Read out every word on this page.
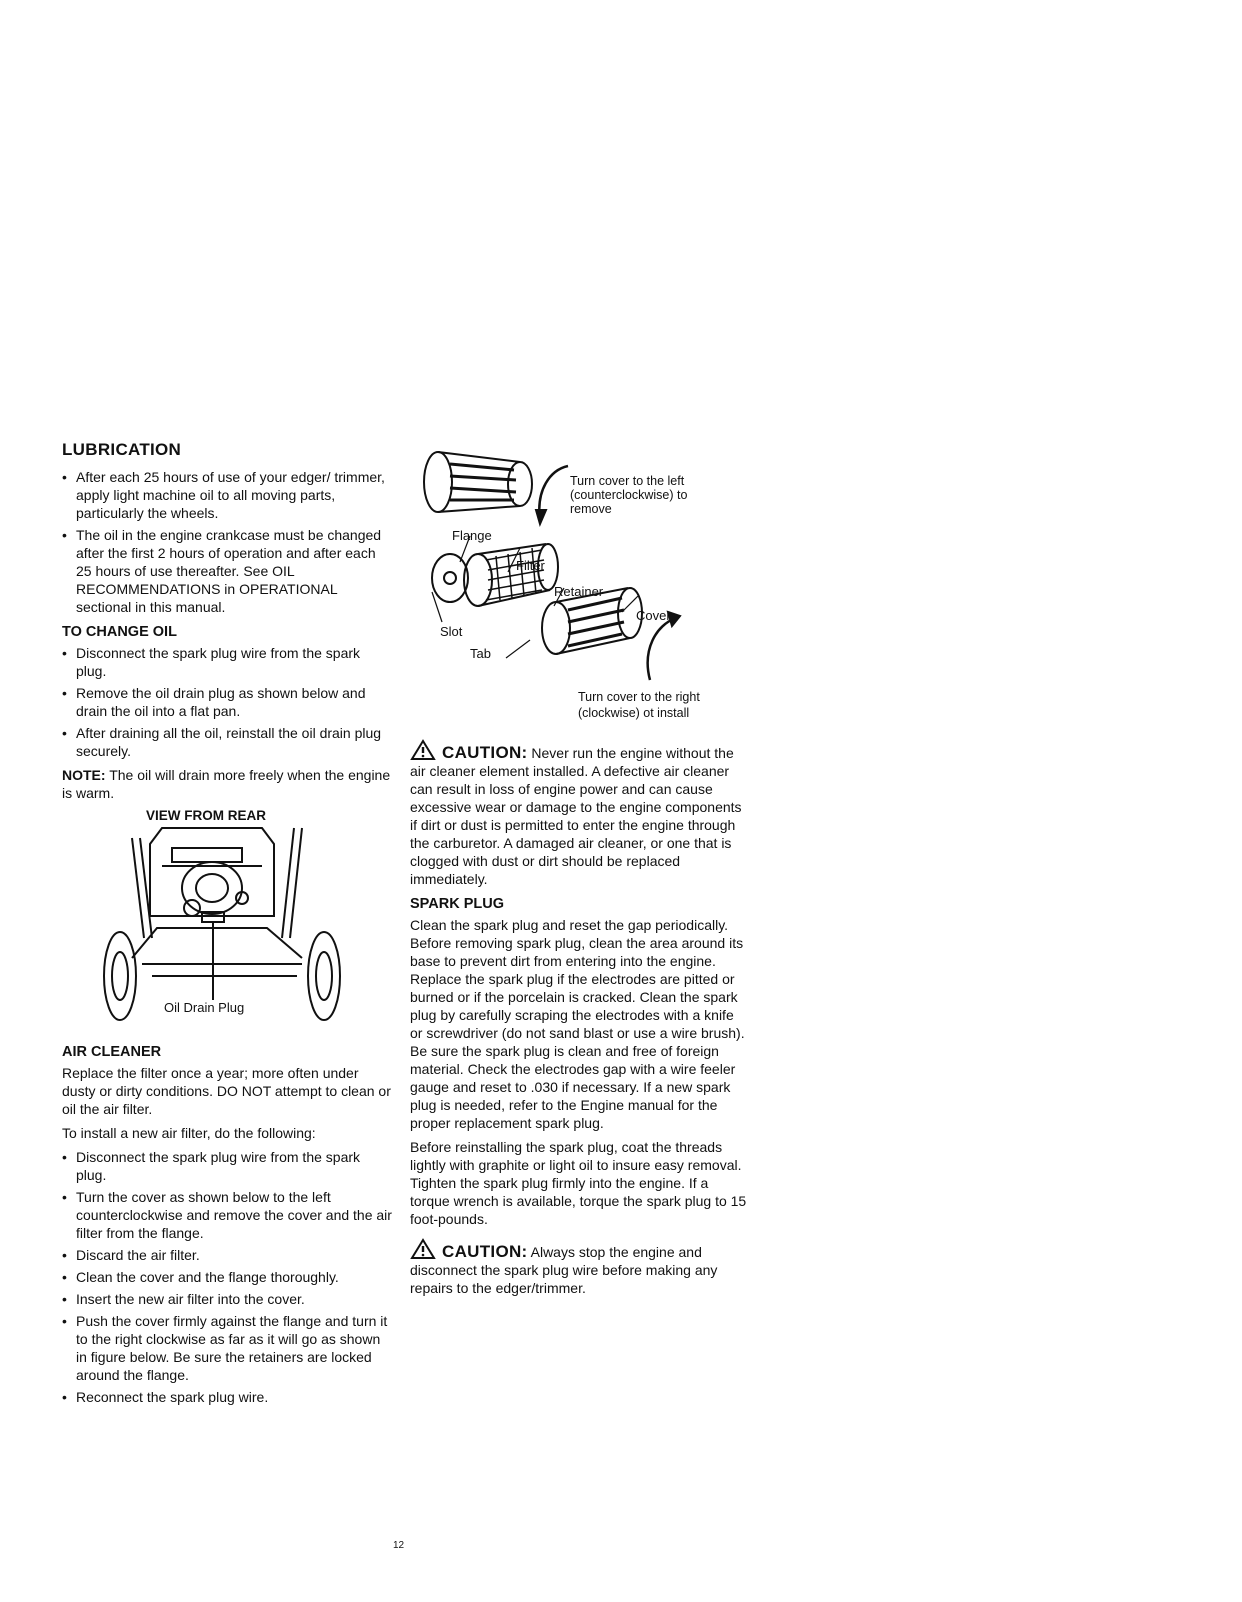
LUBRICATION
• After each 25 hours of use of your edger/ trimmer, apply light machine oil to all moving parts, particularly the wheels.
• The oil in the engine crankcase must be changed after the first 2 hours of operation and after each 25 hours of use thereafter. See OIL RECOMMENDATIONS in OPERATIONAL sectional in this manual.
TO CHANGE OIL
• Disconnect the spark plug wire from the spark plug.
• Remove the oil drain plug as shown below and drain the oil into a flat pan.
• After draining all the oil, reinstall the oil drain plug securely.

NOTE: The oil will drain more freely when the engine is warm.

VIEW FROM REAR
Oil Drain Plug
AIR CLEANER

Replace the filter once a year; more often under dusty or dirty conditions. DO NOT attempt to clean or oil the air filter.

To install a new air filter, do the following:

• Disconnect the spark plug wire from the spark plug.
• Turn the cover as shown below to the left counterclockwise and remove the cover and the air filter from the flange.
• Discard the air filter.
• Clean the cover and the flange thoroughly.
• Insert the new air filter into the cover.
• Push the cover firmly against the flange and turn it to the right clockwise as far as it will go as shown in figure below. Be sure the retainers are locked around the flange.
• Reconnect the spark plug wire.
Turn cover to the left (counterclockwise) to remove
Flange
Filter
Retainer
Cover
Slot
Tab
Turn cover to the right
(clockwise) ot install

CAUTION: Never run the engine without the air cleaner element installed. A defective air cleaner can result in loss of engine power and can cause excessive wear or damage to the engine components if dirt or dust is permitted to enter the engine through the carburetor. A damaged air cleaner, or one that is clogged with dust or dirt should be replaced immediately.

SPARK PLUG

Clean the spark plug and reset the gap periodically. Before removing spark plug, clean the area around its base to prevent dirt from entering into the engine. Replace the spark plug if the electrodes are pitted or burned or if the porcelain is cracked. Clean the spark plug by carefully scraping the electrodes with a knife or screwdriver (do not sand blast or use a wire brush). Be sure the spark plug is clean and free of foreign material. Check the electrodes gap with a wire feeler gauge and reset to .030 if necessary. If a new spark plug is needed, refer to the Engine manual for the proper replacement spark plug.

Before reinstalling the spark plug, coat the threads lightly with graphite or light oil to insure easy removal. Tighten the spark plug firmly into the engine. If a torque wrench is available, torque the spark plug to 15 foot-pounds.

CAUTION: Always stop the engine and disconnect the spark plug wire before making any repairs to the edger/trimmer.

12
